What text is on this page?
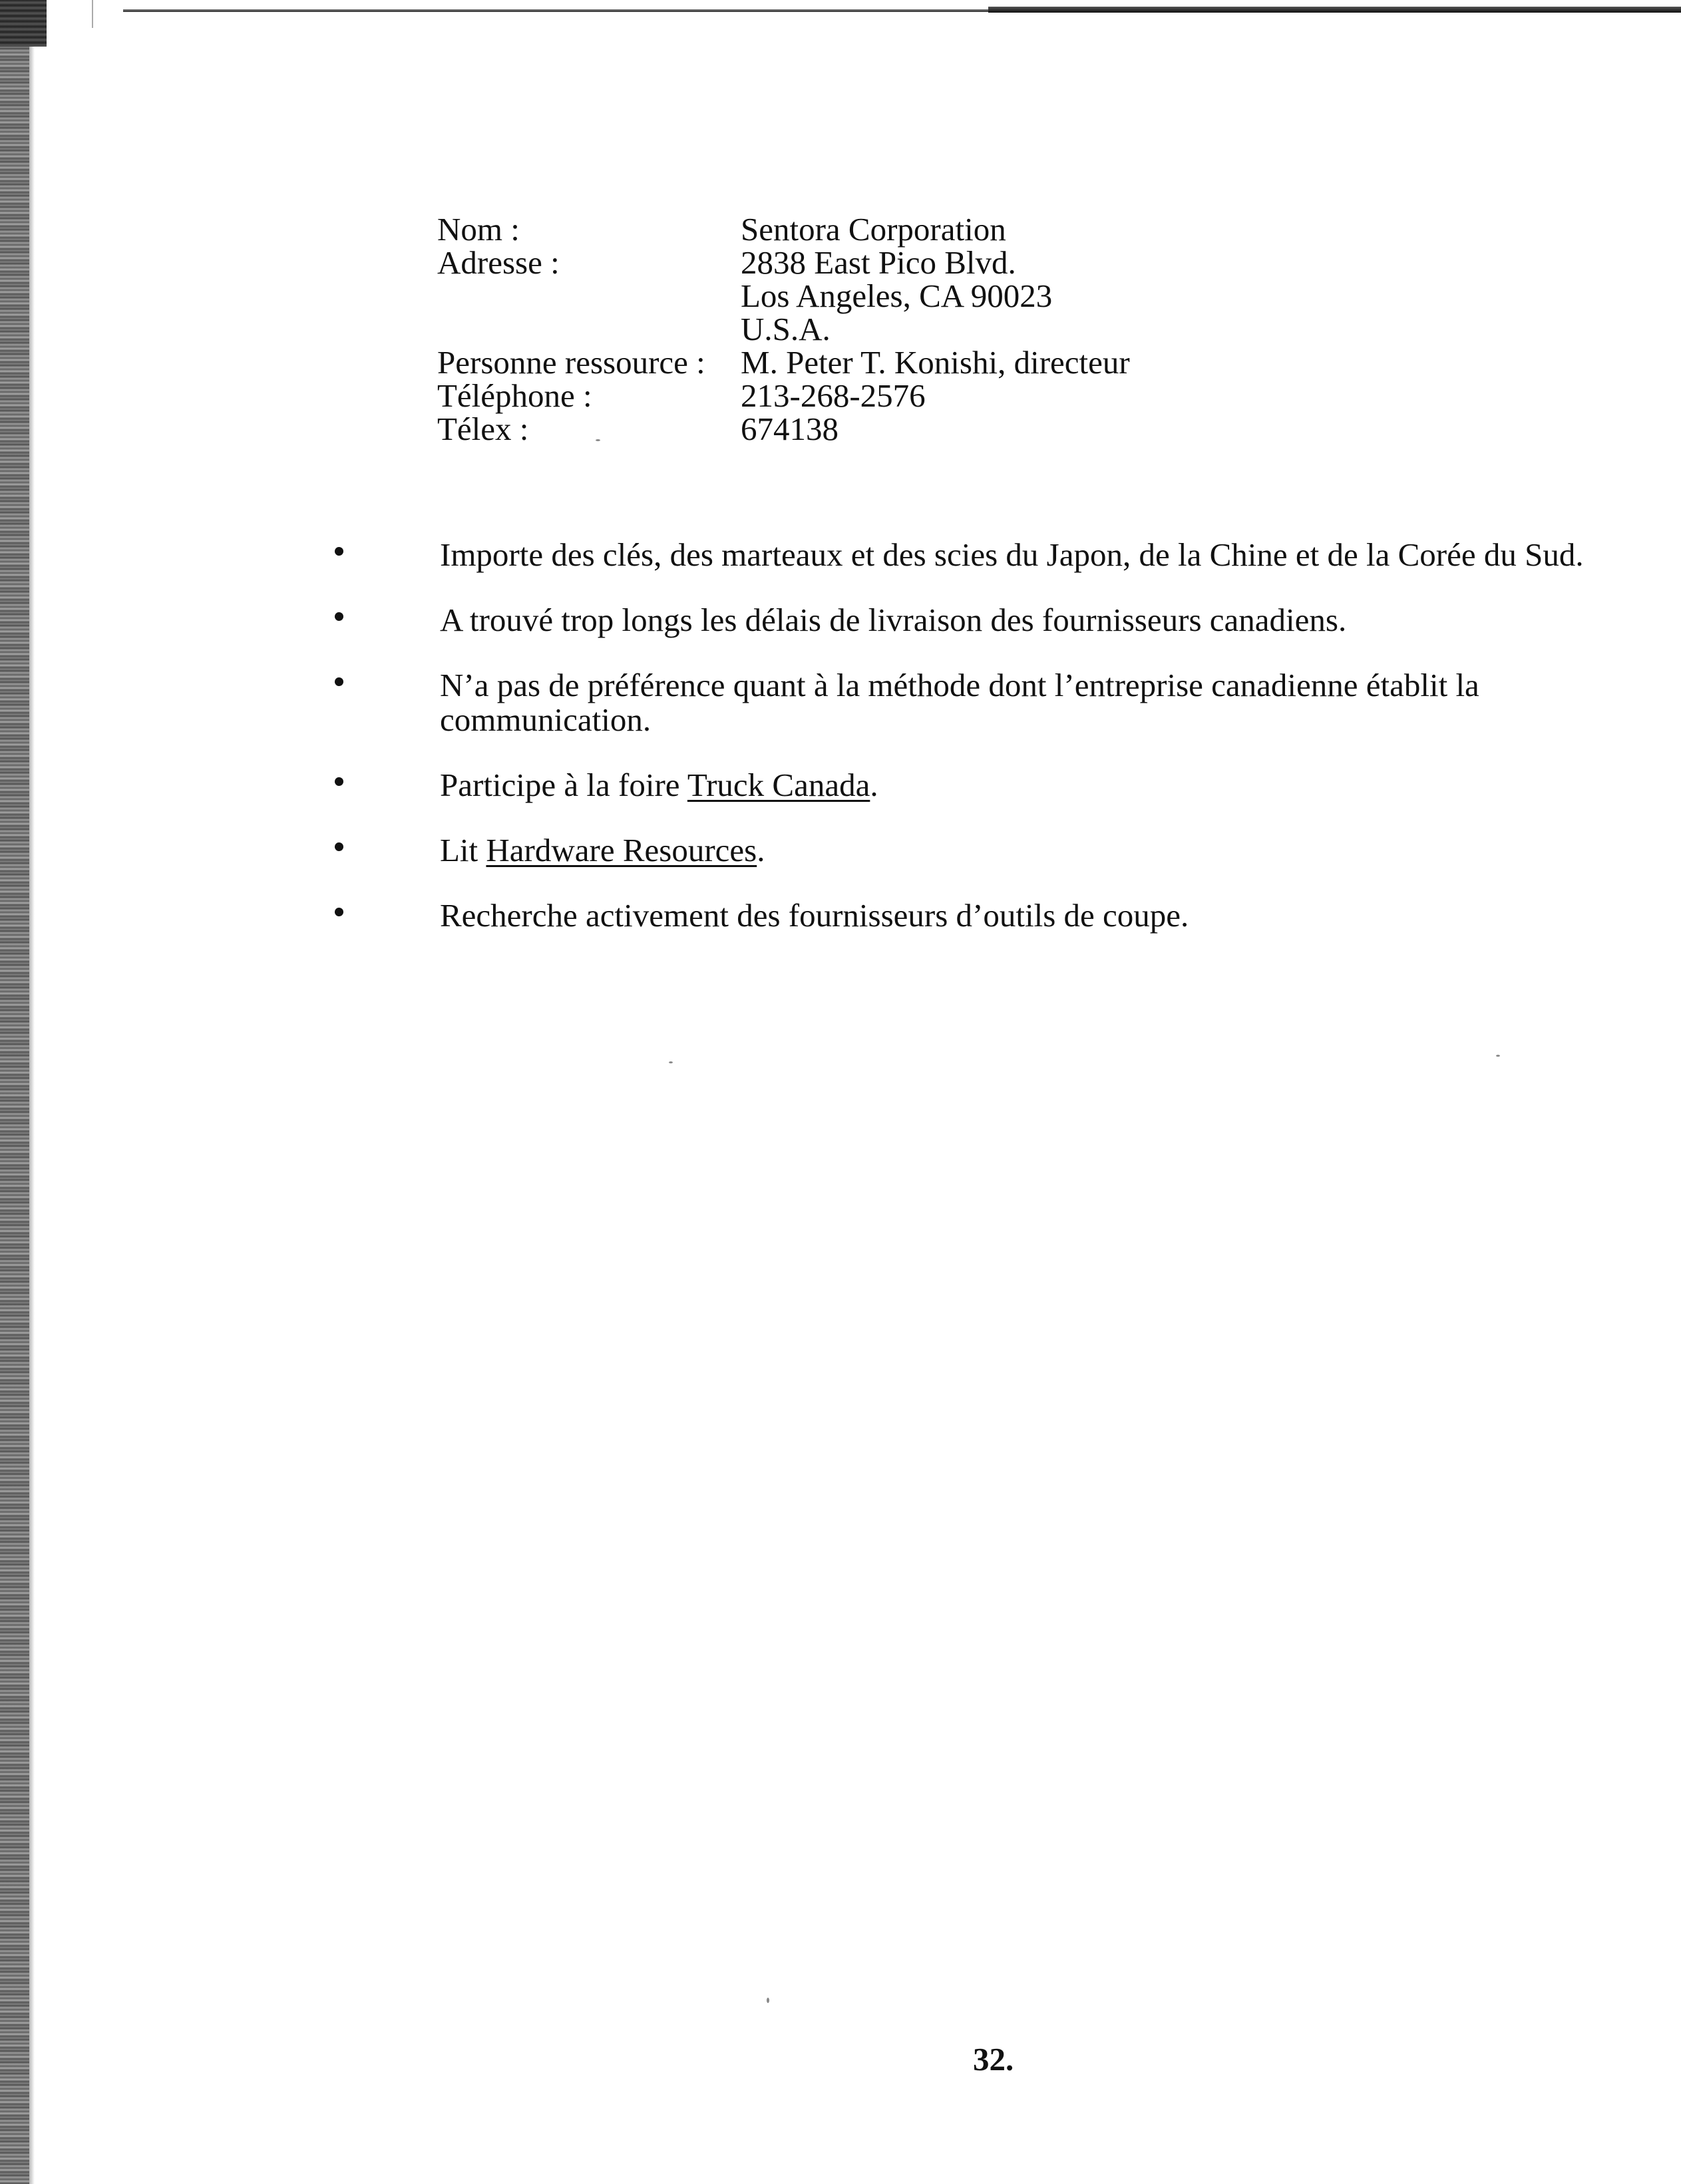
Nom :	Sentora Corporation
Adresse :	2838 East Pico Blvd.
Los Angeles, CA 90023
U.S.A.
Personne ressource :	M. Peter T. Konishi, directeur
Téléphone :	213-268-2576
Télex :	674138
Importe des clés, des marteaux et des scies du Japon, de la Chine et de la Corée du Sud.
A trouvé trop longs les délais de livraison des fournisseurs canadiens.
N’a pas de préférence quant à la méthode dont l’entreprise canadienne établit la communication.
Participe à la foire Truck Canada.
Lit Hardware Resources.
Recherche activement des fournisseurs d’outils de coupe.
32.
